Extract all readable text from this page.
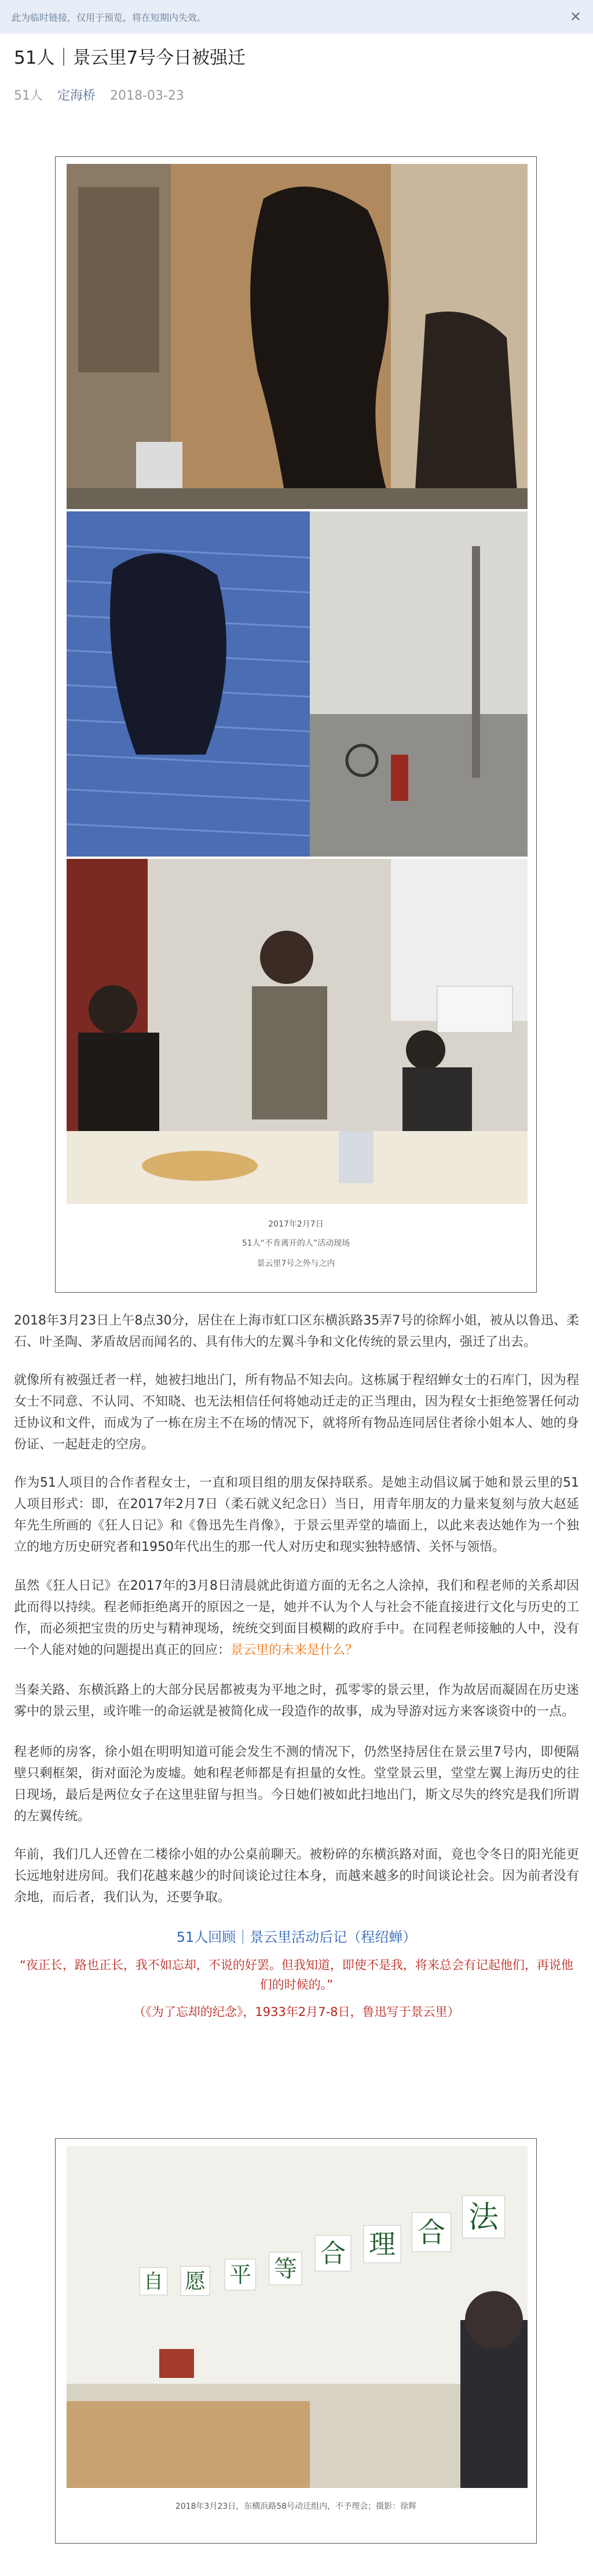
此为临时链接，仅用于预览，将在短期内失效。	✕
51人｜景云里7号今日被强迁
51人 定海桥 2018-03-23
2017年2月7日
51人“不肯离开的人”活动现场
景云里7号之外与之内

2018年3月23日上午8点30分，居住在上海市虹口区东横浜路35弄7号的徐辉小姐，被从以鲁迅、柔石、叶圣陶、茅盾故居而闻名的、具有伟大的左翼斗争和文化传统的景云里内，强迁了出去。

就像所有被强迁者一样，她被扫地出门，所有物品不知去向。这栋属于程绍蝉女士的石库门，因为程女士不同意、不认同、不知晓、也无法相信任何将她动迁走的正当理由，因为程女士拒绝签署任何动迁协议和文件，而成为了一栋在房主不在场的情况下，就将所有物品连同居住者徐小姐本人、她的身份证、一起赶走的空房。

作为51人项目的合作者程女士，一直和项目组的朋友保持联系。是她主动倡议属于她和景云里的51人项目形式：即，在2017年2月7日（柔石就义纪念日）当日，用青年朋友的力量来复刻与放大赵延年先生所画的《狂人日记》和《鲁迅先生肖像》，于景云里弄堂的墙面上，以此来表达她作为一个独立的地方历史研究者和1950年代出生的那一代人对历史和现实独特感情、关怀与领悟。

虽然《狂人日记》在2017年的3月8日清晨就此街道方面的无名之人涂掉，我们和程老师的关系却因此而得以持续。程老师拒绝离开的原因之一是，她并不认为个人与社会不能直接进行文化与历史的工作，而必须把宝贵的历史与精神现场，统统交到面目模糊的政府手中。在同程老师接触的人中，没有一个人能对她的问题提出真正的回应：景云里的未来是什么？

当秦关路、东横浜路上的大部分民居都被夷为平地之时，孤零零的景云里，作为故居而凝固在历史迷雾中的景云里，或许唯一的命运就是被简化成一段造作的故事，成为导游对远方来客谈资中的一点。

程老师的房客，徐小姐在明明知道可能会发生不测的情况下，仍然坚持居住在景云里7号内，即便隔壁只剩框架，街对面沦为废墟。她和程老师都是有担量的女性。堂堂景云里，堂堂左翼上海历史的往日现场，最后是两位女子在这里驻留与担当。今日她们被如此扫地出门，斯文尽失的终究是我们所谓的左翼传统。

年前，我们几人还曾在二楼徐小姐的办公桌前聊天。被粉碎的东横浜路对面，竟也令冬日的阳光能更长远地射进房间。我们花越来越少的时间谈论过往本身，而越来越多的时间谈论社会。因为前者没有余地，而后者，我们认为，还要争取。

51人回顾｜景云里活动后记（程绍蝉）
“夜正长，路也正长，我不如忘却，不说的好罢。但我知道，即使不是我，将来总会有记起他们，再说他们的时候的。”
（《为了忘却的纪念》，1933年2月7-8日，鲁迅写于景云里）
自 愿 平 等
合 理 合 法
2018年3月23日，东横浜路58号动迁组内，不予理会；摄影：徐辉
